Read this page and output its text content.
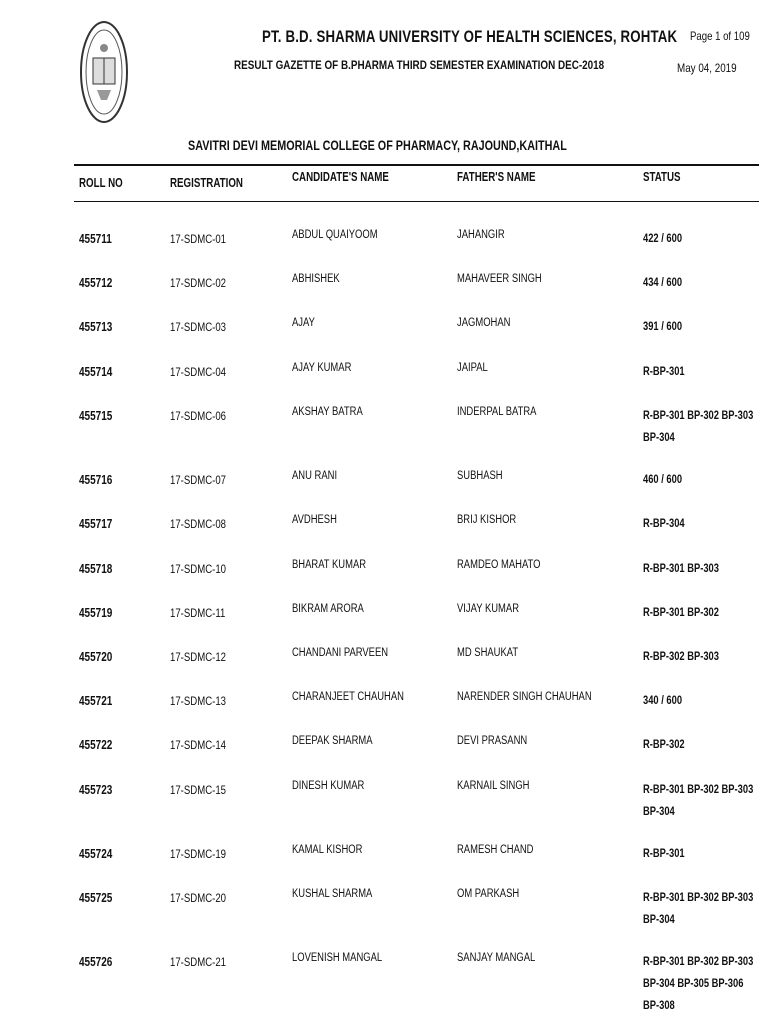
PT. B.D. SHARMA UNIVERSITY OF HEALTH SCIENCES, ROHTAK
RESULT GAZETTE OF B.PHARMA THIRD SEMESTER EXAMINATION DEC-2018
Page 1 of 109
May 04, 2019
SAVITRI DEVI MEMORIAL COLLEGE OF PHARMACY, RAJOUND,KAITHAL
ROLL NO	REGISTRATION	CANDIDATE'S NAME	FATHER'S NAME	STATUS
455711	17-SDMC-01	ABDUL QUAIYOOM	JAHANGIR	422 / 600
455712	17-SDMC-02	ABHISHEK	MAHAVEER SINGH	434 / 600
455713	17-SDMC-03	AJAY	JAGMOHAN	391 / 600
455714	17-SDMC-04	AJAY KUMAR	JAIPAL	R-BP-301
455715	17-SDMC-06	AKSHAY BATRA	INDERPAL BATRA	R-BP-301 BP-302 BP-303 BP-304
455716	17-SDMC-07	ANU RANI	SUBHASH	460 / 600
455717	17-SDMC-08	AVDHESH	BRIJ KISHOR	R-BP-304
455718	17-SDMC-10	BHARAT KUMAR	RAMDEO MAHATO	R-BP-301 BP-303
455719	17-SDMC-11	BIKRAM ARORA	VIJAY KUMAR	R-BP-301 BP-302
455720	17-SDMC-12	CHANDANI PARVEEN	MD SHAUKAT	R-BP-302 BP-303
455721	17-SDMC-13	CHARANJEET CHAUHAN	NARENDER SINGH CHAUHAN	340 / 600
455722	17-SDMC-14	DEEPAK SHARMA	DEVI PRASANN	R-BP-302
455723	17-SDMC-15	DINESH KUMAR	KARNAIL SINGH	R-BP-301 BP-302 BP-303 BP-304
455724	17-SDMC-19	KAMAL KISHOR	RAMESH CHAND	R-BP-301
455725	17-SDMC-20	KUSHAL SHARMA	OM PARKASH	R-BP-301 BP-302 BP-303 BP-304
455726	17-SDMC-21	LOVENISH MANGAL	SANJAY MANGAL	R-BP-301 BP-302 BP-303 BP-304 BP-305 BP-306 BP-308
